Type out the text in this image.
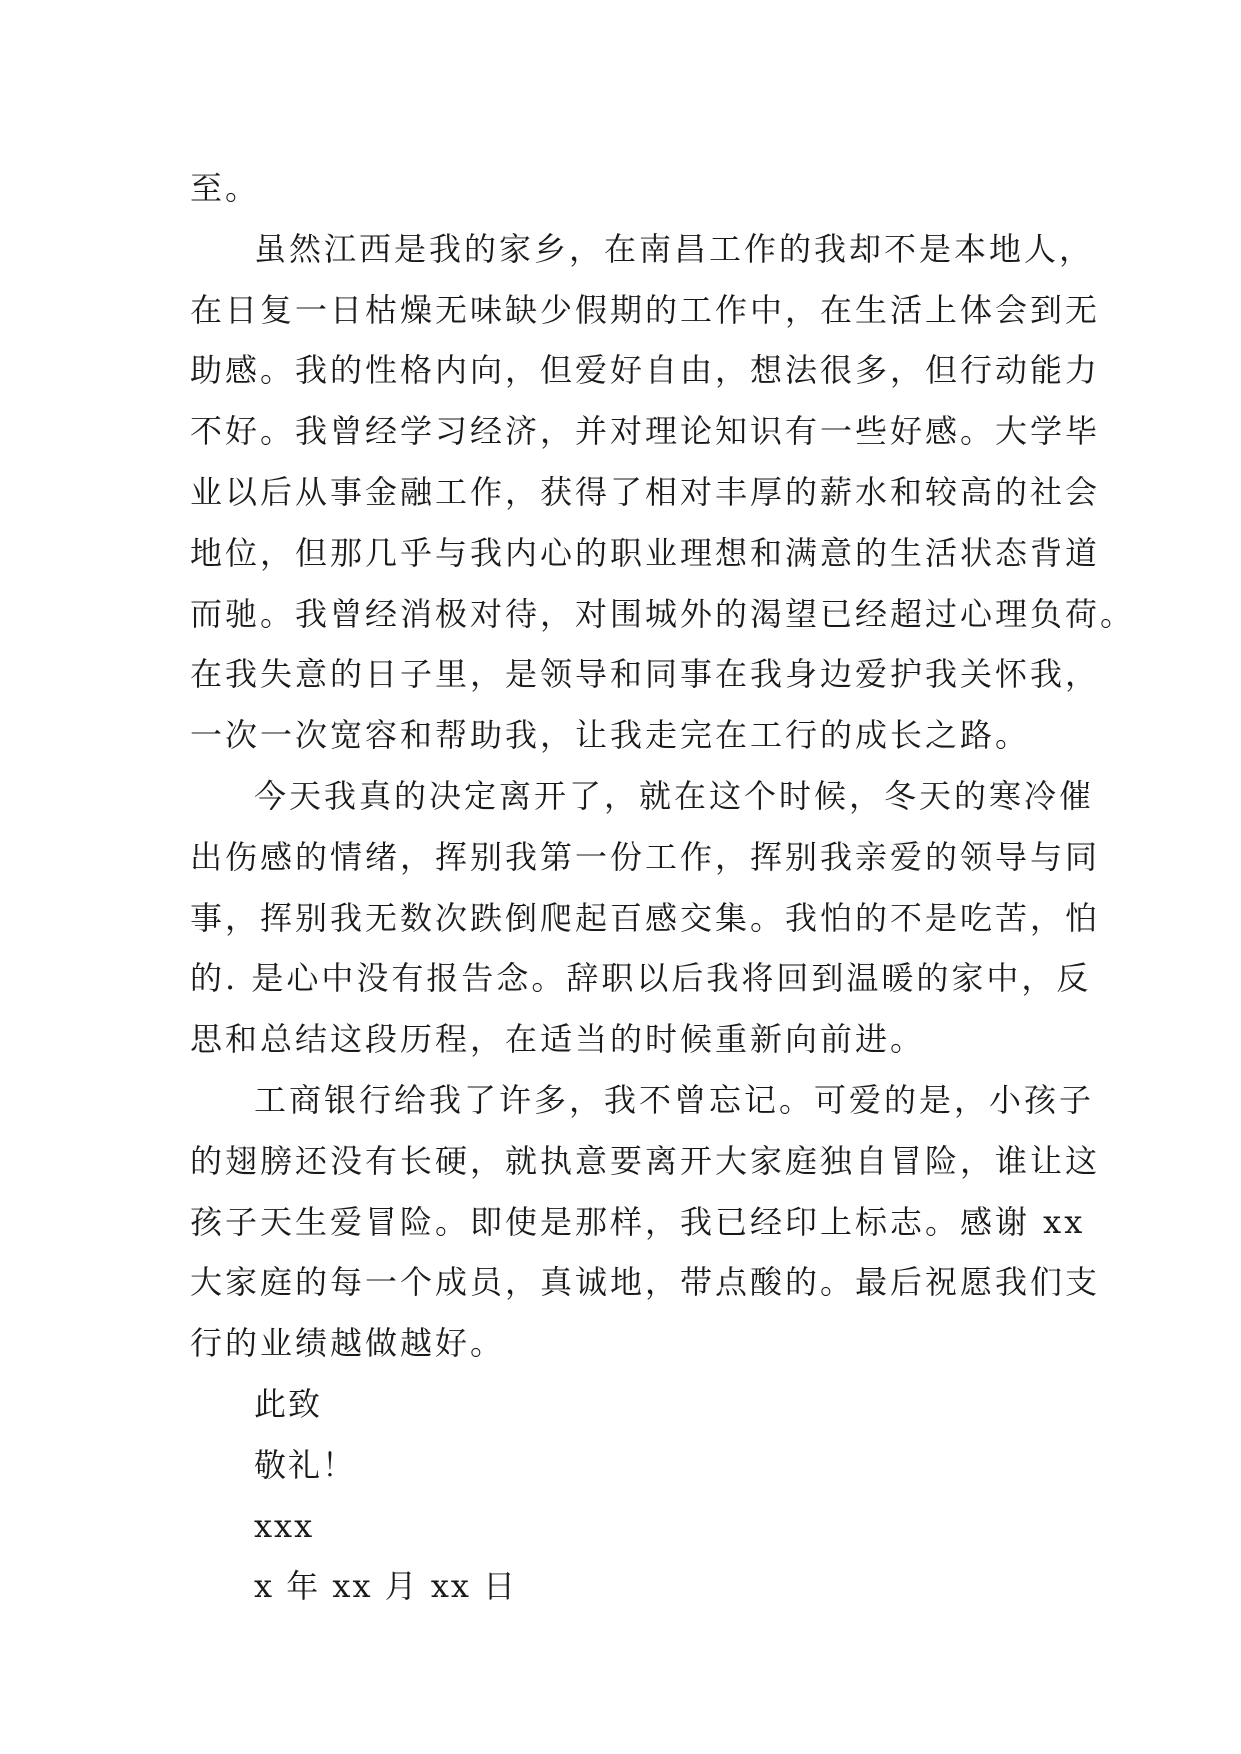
至。
虽然江西是我的家乡，在南昌工作的我却不是本地人，
在日复一日枯燥无味缺少假期的工作中，在生活上体会到无
助感。我的性格内向，但爱好自由，想法很多，但行动能力
不好。我曾经学习经济，并对理论知识有一些好感。大学毕
业以后从事金融工作，获得了相对丰厚的薪水和较高的社会
地位，但那几乎与我内心的职业理想和满意的生活状态背道
而驰。我曾经消极对待，对围城外的渴望已经超过心理负荷。
在我失意的日子里，是领导和同事在我身边爱护我关怀我，
一次一次宽容和帮助我，让我走完在工行的成长之路。
今天我真的决定离开了，就在这个时候，冬天的寒冷催
出伤感的情绪，挥别我第一份工作，挥别我亲爱的领导与同
事，挥别我无数次跌倒爬起百感交集。我怕的不是吃苦，怕
的. 是心中没有报告念。辞职以后我将回到温暖的家中，反
思和总结这段历程，在适当的时候重新向前进。
工商银行给我了许多，我不曾忘记。可爱的是，小孩子
的翅膀还没有长硬，就执意要离开大家庭独自冒险，谁让这
孩子天生爱冒险。即使是那样，我已经印上标志。感谢 xx
大家庭的每一个成员，真诚地，带点酸的。最后祝愿我们支
行的业绩越做越好。
此致
敬礼！
xxx
x 年 xx 月 xx 日
